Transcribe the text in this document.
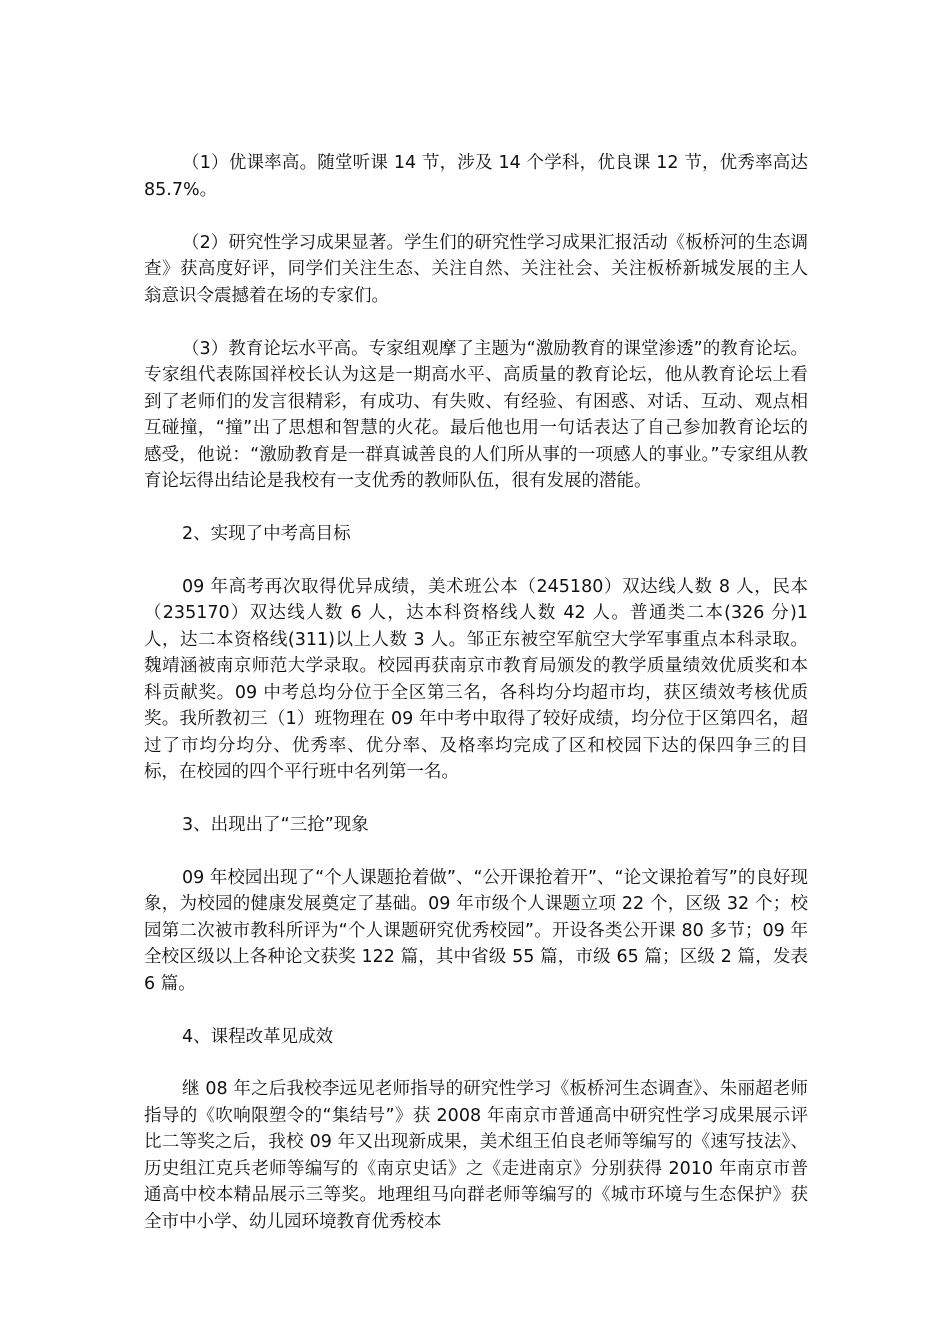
（1）优课率高。随堂听课 14 节，涉及 14 个学科，优良课 12 节，优秀率高达 85.7%。

（2）研究性学习成果显著。学生们的研究性学习成果汇报活动《板桥河的生态调查》获高度好评，同学们关注生态、关注自然、关注社会、关注板桥新城发展的主人翁意识令震撼着在场的专家们。

（3）教育论坛水平高。专家组观摩了主题为“激励教育的课堂渗透”的教育论坛。专家组代表陈国祥校长认为这是一期高水平、高质量的教育论坛，他从教育论坛上看到了老师们的发言很精彩，有成功、有失败、有经验、有困惑、对话、互动、观点相互碰撞，“撞”出了思想和智慧的火花。最后他也用一句话表达了自己参加教育论坛的感受，他说：“激励教育是一群真诚善良的人们所从事的一项感人的事业。”专家组从教育论坛得出结论是我校有一支优秀的教师队伍，很有发展的潜能。

2、实现了中考高目标

09 年高考再次取得优异成绩，美术班公本（245180）双达线人数 8 人，民本（235170）双达线人数 6 人，达本科资格线人数 42 人。普通类二本(326 分)1 人，达二本资格线(311)以上人数 3 人。邹正东被空军航空大学军事重点本科录取。魏靖涵被南京师范大学录取。校园再获南京市教育局颁发的教学质量绩效优质奖和本科贡献奖。09 中考总均分位于全区第三名，各科均分均超市均，获区绩效考核优质奖。我所教初三（1）班物理在 09 年中考中取得了较好成绩，均分位于区第四名，超过了市均分均分、优秀率、优分率、及格率均完成了区和校园下达的保四争三的目标，在校园的四个平行班中名列第一名。

3、出现出了“三抢”现象

09 年校园出现了“个人课题抢着做”、“公开课抢着开”、“论文课抢着写”的良好现象，为校园的健康发展奠定了基础。09 年市级个人课题立项 22 个，区级 32 个；校园第二次被市教科所评为“个人课题研究优秀校园”。开设各类公开课 80 多节；09 年全校区级以上各种论文获奖 122 篇，其中省级 55 篇，市级 65 篇；区级 2 篇，发表 6 篇。

4、课程改革见成效

继 08 年之后我校李远见老师指导的研究性学习《板桥河生态调查》、朱丽超老师指导的《吹响限塑令的“集结号”》获 2008 年南京市普通高中研究性学习成果展示评比二等奖之后，我校 09 年又出现新成果，美术组王伯良老师等编写的《速写技法》、历史组江克兵老师等编写的《南京史话》之《走进南京》分别获得 2010 年南京市普通高中校本精品展示三等奖。地理组马向群老师等编写的《城市环境与生态保护》获全市中小学、幼儿园环境教育优秀校本
